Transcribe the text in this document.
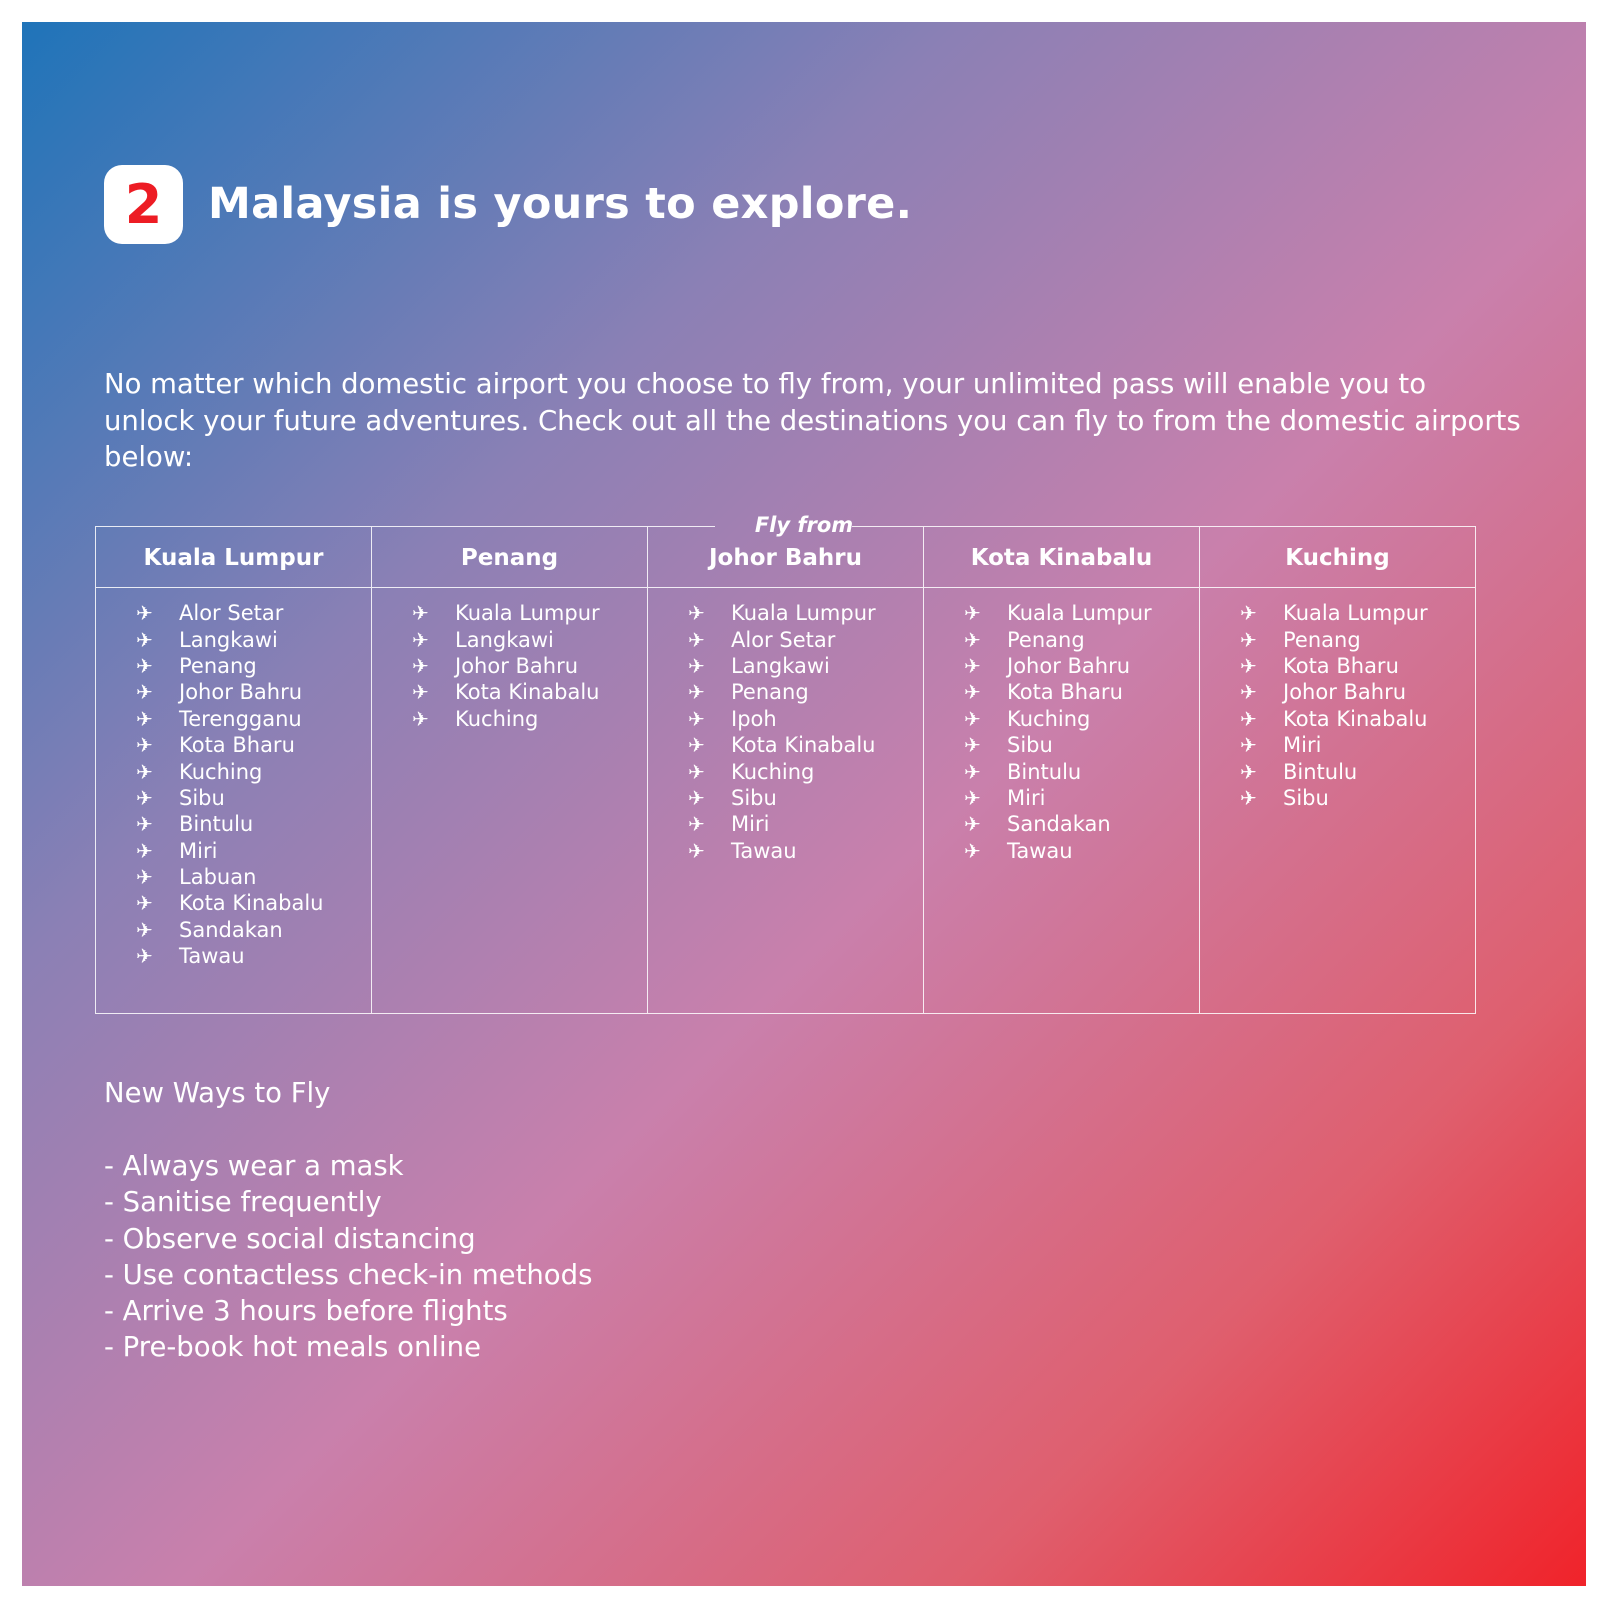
2	Malaysia is yours to explore.

No matter which domestic airport you choose to fly from, your unlimited pass will enable you to unlock your future adventures. Check out all the destinations you can fly to from the domestic airports below:

Kuala Lumpur
✈	Alor Setar
✈	Langkawi
✈	Penang
✈	Johor Bahru
✈	Terengganu
✈	Kota Bharu
✈	Kuching
✈	Sibu
✈	Bintulu
✈	Miri
✈	Labuan
✈	Kota Kinabalu
✈	Sandakan
✈	Tawau
Penang
✈	Kuala Lumpur
✈	Langkawi
✈	Johor Bahru
✈	Kota Kinabalu
✈	Kuching
Johor Bahru
✈	Kuala Lumpur
✈	Alor Setar
✈	Langkawi
✈	Penang
✈	Ipoh
✈	Kota Kinabalu
✈	Kuching
✈	Sibu
✈	Miri
✈	Tawau
Kota Kinabalu
✈	Kuala Lumpur
✈	Penang
✈	Johor Bahru
✈	Kota Bharu
✈	Kuching
✈	Sibu
✈	Bintulu
✈	Miri
✈	Sandakan
✈	Tawau
Kuching
✈	Kuala Lumpur
✈	Penang
✈	Kota Bharu
✈	Johor Bahru
✈	Kota Kinabalu
✈	Miri
✈	Bintulu
✈	Sibu
Fly from
New Ways to Fly
- Always wear a mask
- Sanitise frequently
- Observe social distancing
- Use contactless check-in methods
- Arrive 3 hours before flights
- Pre-book hot meals online
